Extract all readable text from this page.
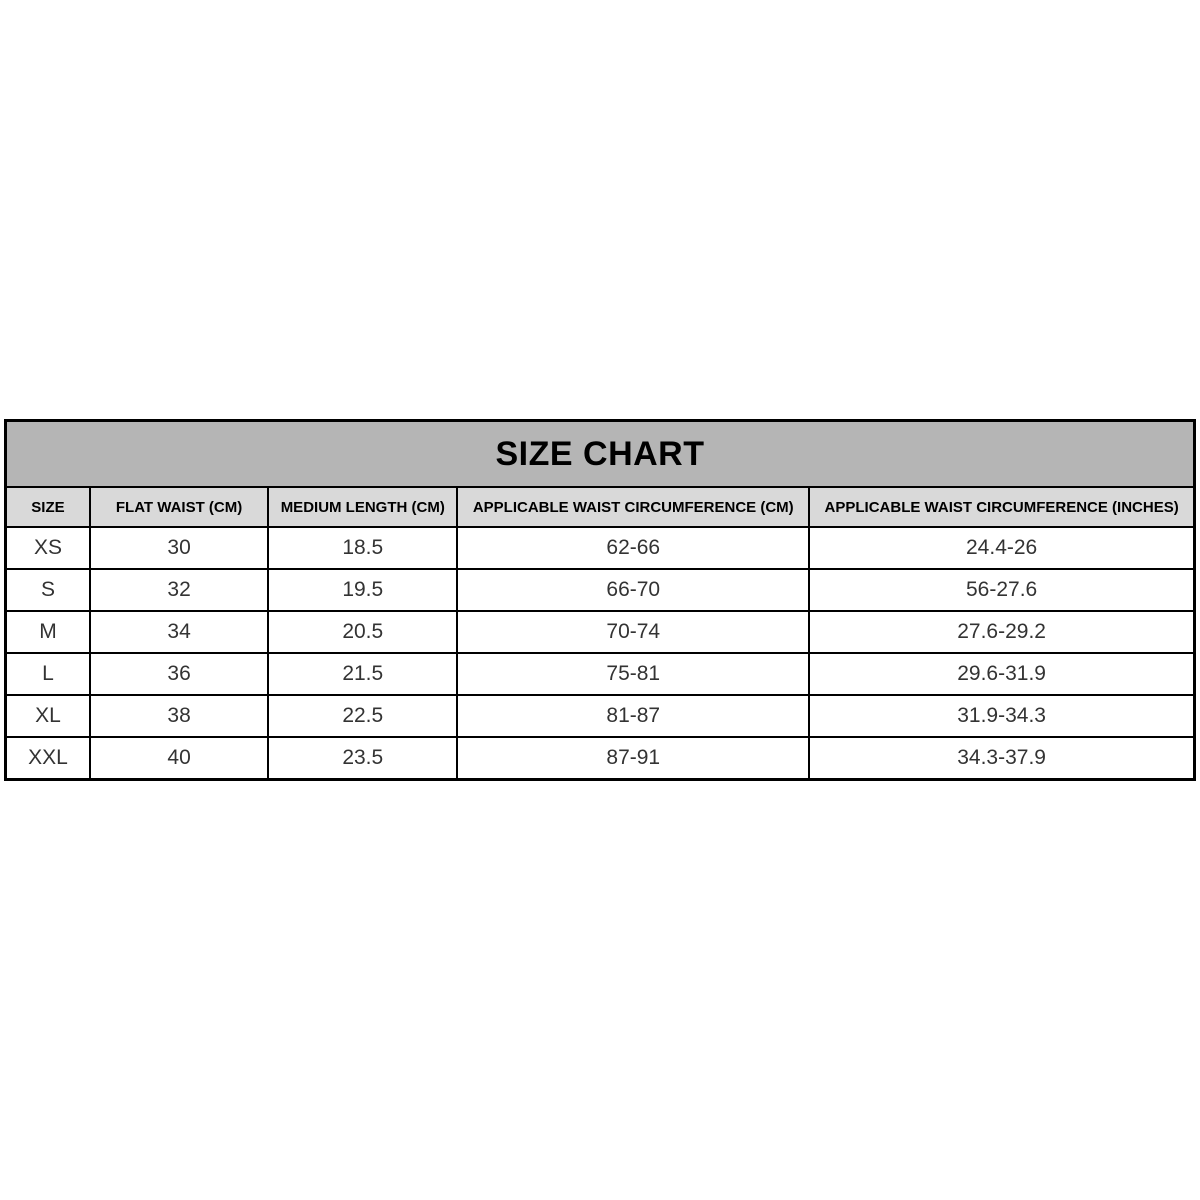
SIZE CHART				
SIZE	FLAT WAIST (CM)	MEDIUM LENGTH (CM)	APPLICABLE WAIST CIRCUMFERENCE (CM)	APPLICABLE WAIST CIRCUMFERENCE (INCHES)
XS	30	18.5	62-66	24.4-26
S	32	19.5	66-70	56-27.6
M	34	20.5	70-74	27.6-29.2
L	36	21.5	75-81	29.6-31.9
XL	38	22.5	81-87	31.9-34.3
XXL	40	23.5	87-91	34.3-37.9
